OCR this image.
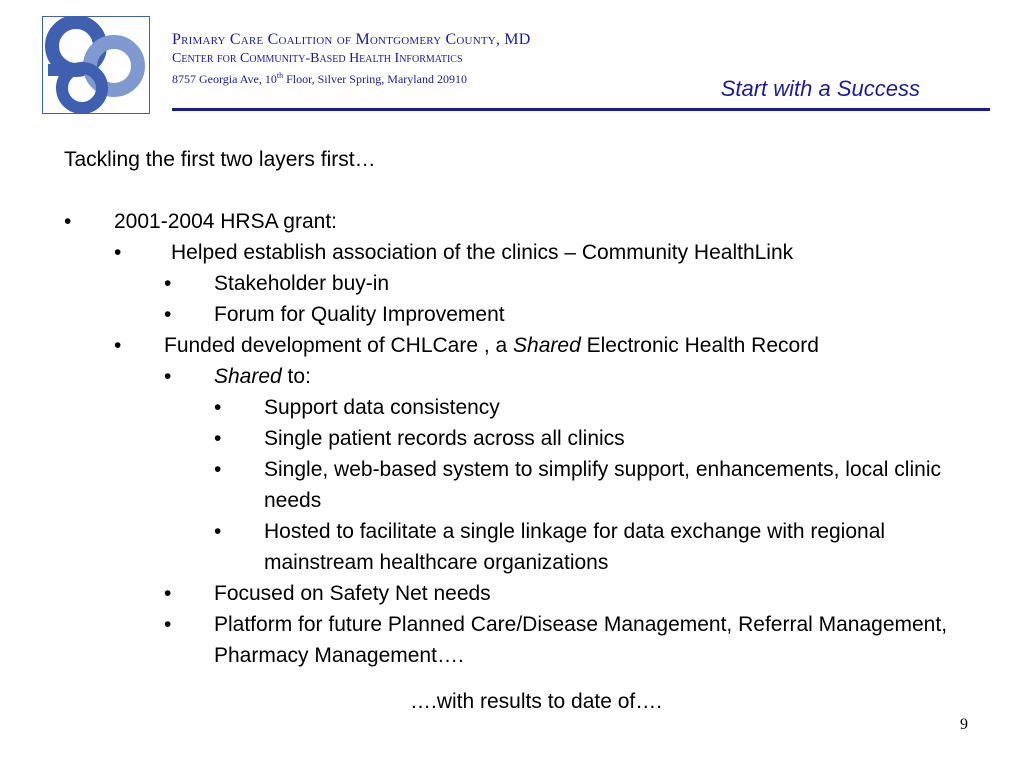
Primary Care Coalition of Montgomery County, MD
Center for Community-Based Health Informatics
8757 Georgia Ave, 10th Floor, Silver Spring, Maryland 20910	Start with a Success
Tackling the first two layers first…
• 2001-2004 HRSA grant:
• Helped establish association of the clinics – Community HealthLink
• Stakeholder buy-in
• Forum for Quality Improvement
• Funded development of CHLCare , a Shared Electronic Health Record
• Shared to:
• Support data consistency
• Single patient records across all clinics
• Single, web-based system to simplify support, enhancements, local clinic needs
• Hosted to facilitate a single linkage for data exchange with regional mainstream healthcare organizations
• Focused on Safety Net needs
• Platform for future Planned Care/Disease Management, Referral Management, Pharmacy Management….
….with results to date of….
9
